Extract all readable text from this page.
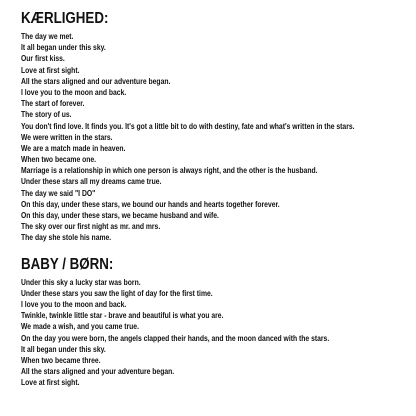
KÆRLIGHED:
The day we met.
It all began under this sky.
Our first kiss.
Love at first sight.
All the stars aligned and our adventure began.
I love you to the moon and back.
The start of forever.
The story of us.
You don't find love. It finds you. It's got a little bit to do with destiny, fate and what's written in the stars.
We were written in the stars.
We are a match made in heaven.
When two became one.
Marriage is a relationship in which one person is always right, and the other is the husband.
Under these stars all my dreams came true.
The day we said "I DO"
On this day, under these stars, we bound our hands and hearts together forever.
On this day, under these stars, we became husband and wife.
The sky over our first night as mr. and mrs.
The day she stole his name.
BABY / BØRN:
Under this sky a lucky star was born.
Under these stars you saw the light of day for the first time.
I love you to the moon and back.
Twinkle, twinkle little star - brave and beautiful is what you are.
We made a wish, and you came true.
On the day you were born, the angels clapped their hands, and the moon danced with the stars.
It all began under this sky.
When two became three.
All the stars aligned and your adventure began.
Love at first sight.
